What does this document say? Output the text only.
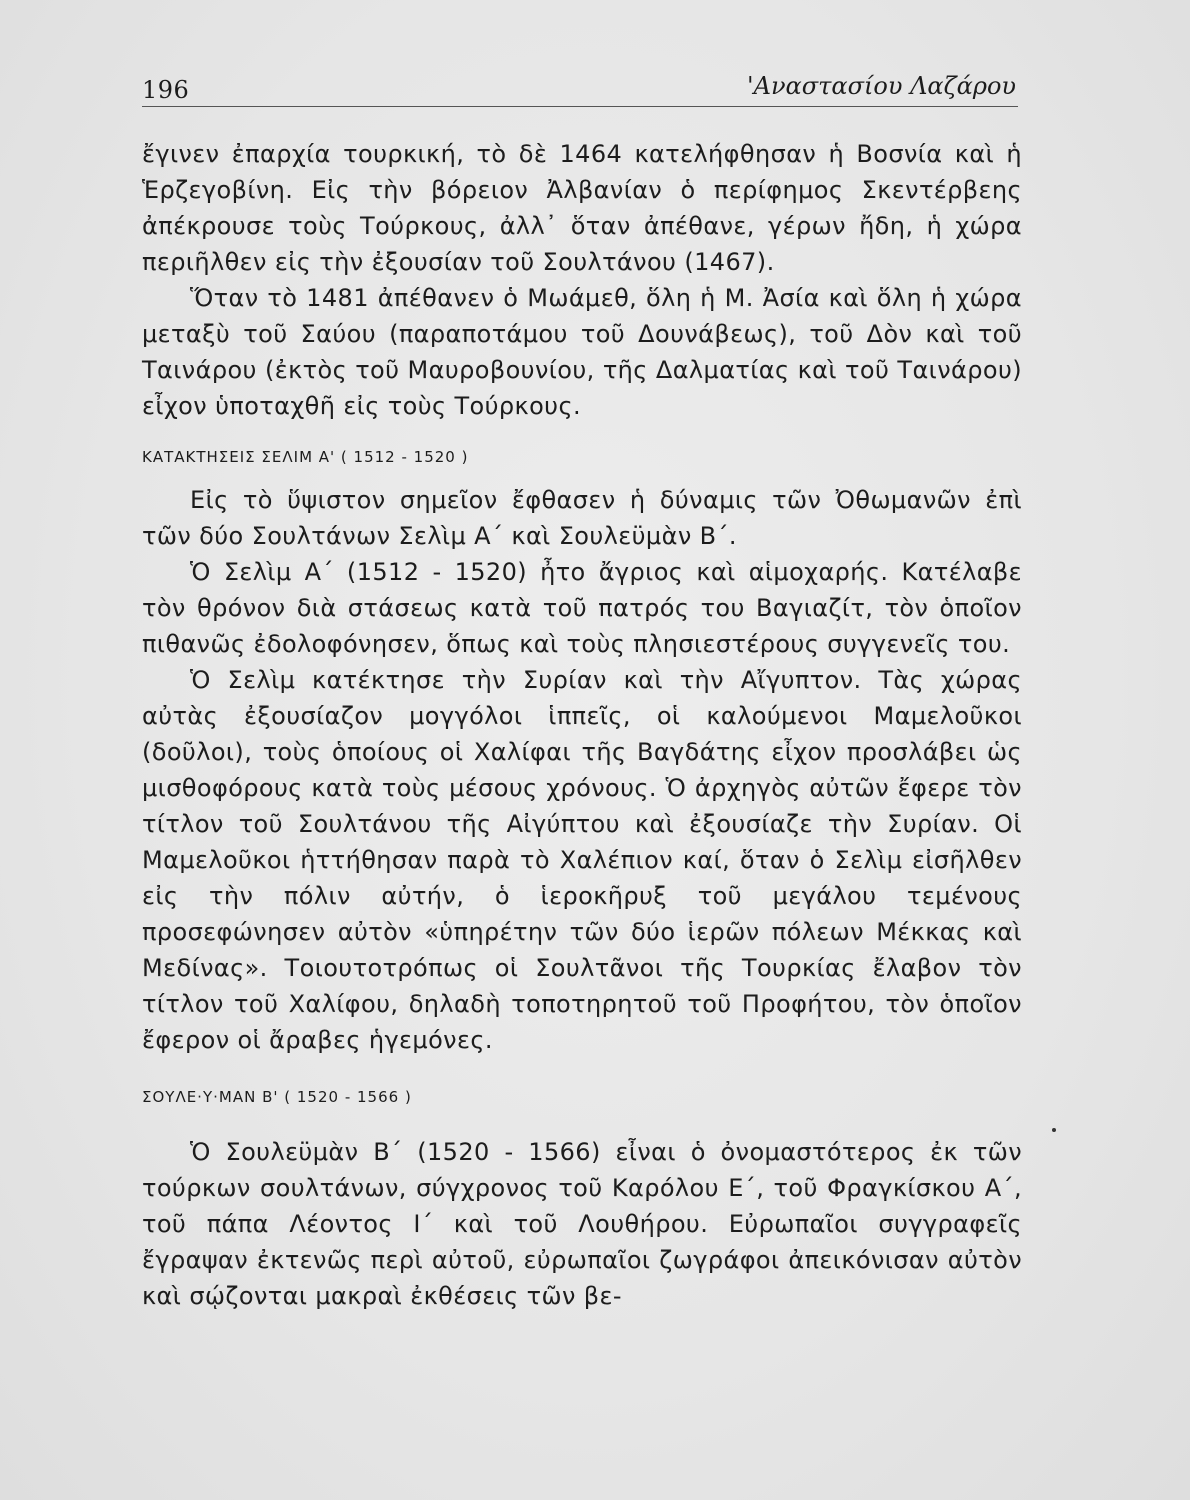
196	'Αναστασίου Λαζάρου

ἔγινεν ἐπαρχία τουρκική, τὸ δὲ 1464 κατελήφθησαν ἡ Βοσνία καὶ ἡ Ἑρζεγοβίνη. Εἰς τὴν βόρειον Ἀλβανίαν ὁ περίφημος Σκεντέρβεης ἀπέκρουσε τοὺς Τούρκους, ἀλλ᾿ ὅταν ἀπέθανε, γέρων ἤδη, ἡ χώρα περιῆλθεν εἰς τὴν ἐξουσίαν τοῦ Σουλτάνου (1467).

Ὅταν τὸ 1481 ἀπέθανεν ὁ Μωάμεθ, ὅλη ἡ Μ. Ἀσία καὶ ὅλη ἡ χώρα μεταξὺ τοῦ Σαύου (παραποτάμου τοῦ Δουνάβεως), τοῦ Δὸν καὶ τοῦ Ταινάρου (ἐκτὸς τοῦ Μαυροβουνίου, τῆς Δαλματίας καὶ τοῦ Ταινάρου) εἶχον ὑποταχθῆ εἰς τοὺς Τούρκους.

ΚΑΤΑΚΤΗΣΕΙΣ ΣΕΛΙΜ Α' ( 1512 - 1520 )

Εἰς τὸ ὕψιστον σημεῖον ἔφθασεν ἡ δύναμις τῶν Ὀθωμανῶν ἐπὶ τῶν δύο Σουλτάνων Σελὶμ Α΄ καὶ Σουλεϋμὰν Β΄.

Ὁ Σελὶμ Α΄ (1512 - 1520) ἦτο ἄγριος καὶ αἱμοχαρής. Κατέλαβε τὸν θρόνον διὰ στάσεως κατὰ τοῦ πατρός του Βαγιαζίτ, τὸν ὁποῖον πιθανῶς ἐδολοφόνησεν, ὅπως καὶ τοὺς πλησιεστέρους συγγενεῖς του.

Ὁ Σελὶμ κατέκτησε τὴν Συρίαν καὶ τὴν Αἴγυπτον. Τὰς χώρας αὐτὰς ἐξουσίαζον μογγόλοι ἱππεῖς, οἱ καλούμενοι Μαμελοῦκοι (δοῦλοι), τοὺς ὁποίους οἱ Χαλίφαι τῆς Βαγδάτης εἶχον προσλάβει ὡς μισθοφόρους κατὰ τοὺς μέσους χρόνους. Ὁ ἀρχηγὸς αὐτῶν ἔφερε τὸν τίτλον τοῦ Σουλτάνου τῆς Αἰγύπτου καὶ ἐξουσίαζε τὴν Συρίαν. Οἱ Μαμελοῦκοι ἡττήθησαν παρὰ τὸ Χαλέπιον καί, ὅταν ὁ Σελὶμ εἰσῆλθεν εἰς τὴν πόλιν αὐτήν, ὁ ἱεροκῆρυξ τοῦ μεγάλου τεμένους προσεφώνησεν αὐτὸν «ὑπηρέτην τῶν δύο ἱερῶν πόλεων Μέκκας καὶ Μεδίνας». Τοιουτοτρόπως οἱ Σουλτᾶνοι τῆς Τουρκίας ἔλαβον τὸν τίτλον τοῦ Χαλίφου, δηλαδὴ τοποτηρητοῦ τοῦ Προφήτου, τὸν ὁποῖον ἔφερον οἱ ἄραβες ἡγεμόνες.

ΣΟΥΛΕ·Υ·ΜΑΝ Β' ( 1520 - 1566 )

Ὁ Σουλεϋμὰν Β΄ (1520 - 1566) εἶναι ὁ ὀνομαστότερος ἐκ τῶν τούρκων σουλτάνων, σύγχρονος τοῦ Καρόλου Ε΄, τοῦ Φραγκίσκου Α΄, τοῦ πάπα Λέοντος Ι΄ καὶ τοῦ Λουθήρου. Εὐρωπαῖοι συγγραφεῖς ἔγραψαν ἐκτενῶς περὶ αὐτοῦ, εὐρωπαῖοι ζωγράφοι ἀπεικόνισαν αὐτὸν καὶ σῴζονται μακραὶ ἐκθέσεις τῶν βε-
